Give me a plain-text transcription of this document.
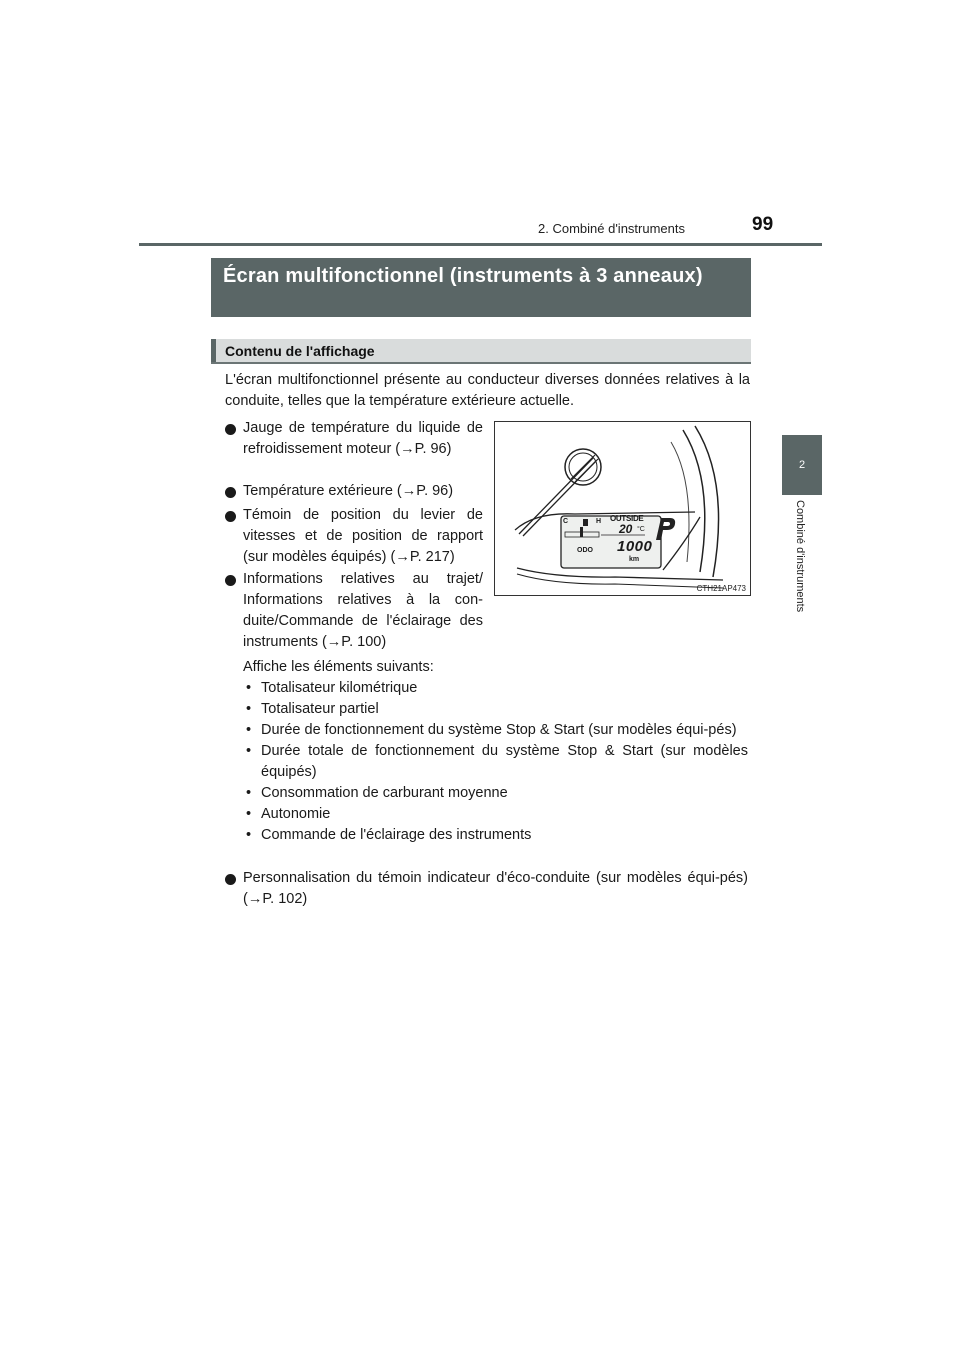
2. Combiné d'instruments	99
2
Combiné d'instruments
Écran multifonctionnel (instruments à 3 anneaux)
Contenu de l'affichage
L'écran multifonctionnel présente au conducteur diverses données relatives à la conduite, telles que la température extérieure actuelle.
Jauge de température du liquide de refroidissement moteur (→P. 96)
Température extérieure (→P. 96)
Témoin de position du levier de vitesses et de position de rapport (sur modèles équipés) (→P. 217)
Informations relatives au trajet/ Informations relatives à la con-duite/Commande de l'éclairage des instruments (→P. 100)
Affiche les éléments suivants:
• Totalisateur kilométrique
• Totalisateur partiel
• Durée de fonctionnement du système Stop & Start (sur modèles équi-pés)
• Durée totale de fonctionnement du système Stop & Start (sur modèles équipés)
• Consommation de carburant moyenne
• Autonomie
• Commande de l'éclairage des instruments
Personnalisation du témoin indicateur d'éco-conduite (sur modèles équi-pés) (→P. 102)
C	H OUTSIDE
20 °C
ODO 1000
km
CTH21AP473
